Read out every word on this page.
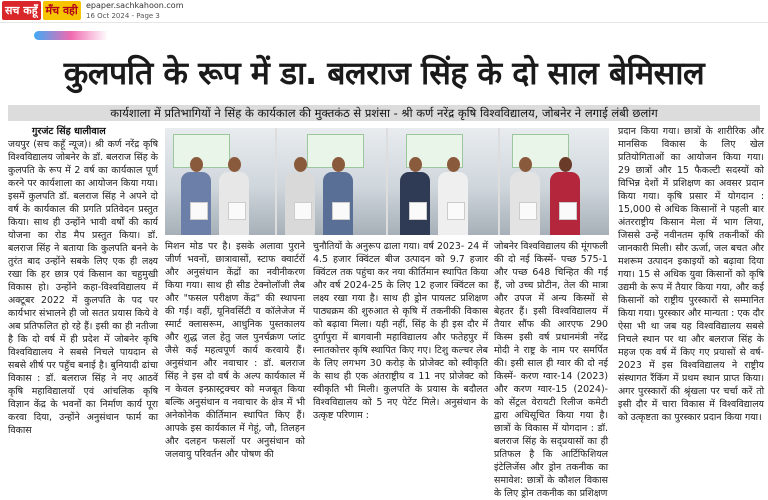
सच कहूँ मँच वही	epaper.sachkahoon.com
16 Oct 2024 - Page 3
कुलपति के रूप में डा. बलराज सिंह के दो साल बेमिसाल
कार्यशाला में प्रतिभागियों ने सिंह के कार्यकाल की मुक्तकंठ से प्रशंसा - श्री कर्ण नरेंद्र कृषि विश्वविद्यालय, जोबनेर ने लगाई लंबी छलांग

गुरजंट सिंह धालीवाल

जयपुर (सच कहूँ न्यूज)। श्री कर्ण नरेंद्र कृषि विश्वविद्यालय जोबनेर के डॉ. बलराज सिंह के कुलपति के रूप में 2 वर्ष का कार्यकाल पूर्ण करने पर कार्यशाला का आयोजन किया गया। इसमें कुलपति डॉ. बलराज सिंह ने अपने दो वर्ष के कार्यकाल की प्रगति प्रतिवेदन प्रस्तुत किया। साथ ही उन्होंने भावी वर्षों की कार्य योजना का रोड मैप प्रस्तुत किया। डॉ. बलराज सिंह ने बताया कि कुलपति बनने के तुरंत बाद उन्होंने सबके लिए एक ही लक्ष्य रखा कि हर छात्र एवं किसान का चहुमुखी विकास हो। उन्होंने कहा-विश्वविद्यालय में अक्टूबर 2022 में कुलपति के पद पर कार्यभार संभालने ही जो सतत प्रयास किये वे अब प्रतिफलित हो रहे हैं। इसी का ही नतीजा है कि दो वर्ष में ही प्रदेश में जोबनेर कृषि विश्वविद्यालय ने सबसे निचले पायदान से सबसे शीर्ष पर पहुँच बनाई है। बुनियादी ढांचा विकास : डॉ. बलराज सिंह ने नए आठवें कृषि महाविद्यालयों एवं आंचलिक कृषि विज्ञान केंद्र के भवनों का निर्माण कार्य पूरा करवा दिया, उन्होंने अनुसंधान फार्म का विकास

मिशन मोड पर है। इसके अलावा पुराने जीर्ण भवनों, छात्रावासों, स्टाफ क्वार्टरों और अनुसंधान केंद्रों का नवीनीकरण किया गया। साथ ही सीड टेक्नोलॉजी लैब और "फसल परीक्षण केंद्र" की स्थापना की गई। वहीं, यूनिवर्सिटी व कॉलेजेज में स्मार्ट क्लासरूम, आधुनिक पुस्तकालय और शुद्ध जल हेतु जल पुनर्चक्रण प्लांट जैसे कई महत्वपूर्ण कार्य करवाये हैं। अनुसंधान और नवाचार : डॉ. बलराज सिंह ने इस दो वर्ष के अल्प कार्यकाल में न केवल इन्फ्रास्ट्रक्चर को मजबूत किया बल्कि अनुसंधान व नवाचार के क्षेत्र में भी अनेकोनेक कीर्तिमान स्थापित किए हैं। आपके इस कार्यकाल में गेहूं, जौ, तिलहन और दलहन फसलों पर अनुसंधान को जलवायु परिवर्तन और पोषण की

चुनौतियों के अनुरूप ढाला गया। वर्ष 2023- 24 में 4.5 हजार क्विंटल बीज उत्पादन को 9.7 हजार क्विंटल तक पहुंचा कर नया कीर्तिमान स्थापित किया और वर्ष 2024-25 के लिए 12 हजार क्विंटल का लक्ष्य रखा गया है। साथ ही ड्रोन पायलट प्रशिक्षण पाठ्यक्रम की शुरुआत से कृषि में तकनीकी विकास को बढ़ावा मिला। यही नहीं, सिंह के ही इस दौर में दुर्गापुरा में बागवानी महाविद्यालय और फतेहपुर में स्नातकोत्तर कृषि स्थापित किए गए। टिशु कल्चर लेब के लिए लगभग 30 करोड़ के प्रोजेक्ट को स्वीकृति के साथ ही एक अंतराष्ट्रीय व 11 नए प्रोजेक्ट को स्वीकृति भी मिली। कुलपति के प्रयास के बदौलत विश्वविद्यालय को 5 नए पेटेंट मिले। अनुसंधान के उत्कृष्ट परिणाम :

जोबनेर विश्वविद्यालय की मूंगफली की दो नई किस्में- पच्छ 575-1 और पच्छ 648 चिन्हित की गई हैं, जो उच्च प्रोटीन, तेल की मात्रा और उपज में अन्य किस्मों से बेहतर हैं। इसी विश्वविद्यालय में तैयार सौंफ की आरएफ 290 किस्म इसी वर्ष प्रधानमंत्री नरेंद्र मोदी ने राष्ट्र के नाम पर समर्पित की। इसी साल ही ग्वार की दो नई किस्में- करण ग्वार-14 (2023) और करण ग्वार-15 (2024)- को सेंट्रल वेरायटी रिलीज कमेटी द्वारा अधिसूचित किया गया है। छात्रों के विकास में योगदान : डॉ. बलराज सिंह के सद्प्रयासों का ही प्रतिफल है कि आर्टिफिशियल इंटेलिजेंस और ड्रोन तकनीक का समावेश: छात्रों के कौशल विकास के लिए ड्रोन तकनीक का प्रशिक्षण

प्रदान किया गया। छात्रों के शारीरिक और मानसिक विकास के लिए खेल प्रतियोगिताओं का आयोजन किया गया। 29 छात्रों और 15 फैकल्टी सदस्यों को विभिन्न देशों में प्रशिक्षण का अवसर प्रदान किया गया। कृषि प्रसार में योगदान : 15,000 से अधिक किसानों ने पहली बार अंतरराष्ट्रीय किसान मेला में भाग लिया, जिससे उन्हें नवीनतम कृषि तकनीकों की जानकारी मिली। सौर ऊर्जा, जल बचत और मशरूम उत्पादन इकाइयों को बढ़ावा दिया गया। 15 से अधिक युवा किसानों को कृषि उद्यमी के रूप में तैयार किया गया, और कई किसानों को राष्ट्रीय पुरस्कारों से सम्मानित किया गया। पुरस्कार और मान्यता : एक दौर ऐसा भी था जब यह विश्वविद्यालय सबसे निचले स्थान पर था और बलराज सिंह के महज एक वर्ष में किए गए प्रयासों से वर्ष- 2023 में इस विश्वविद्यालय ने राष्ट्रीय संस्थागत रैंकिंग में प्रथम स्थान प्राप्त किया। अगर पुरस्कारों की श्रृंखला पर चर्चा करें तो इसी दौर में चारा विकास में विश्वविद्यालय को उत्कृष्टता का पुरस्कार प्रदान किया गया।
